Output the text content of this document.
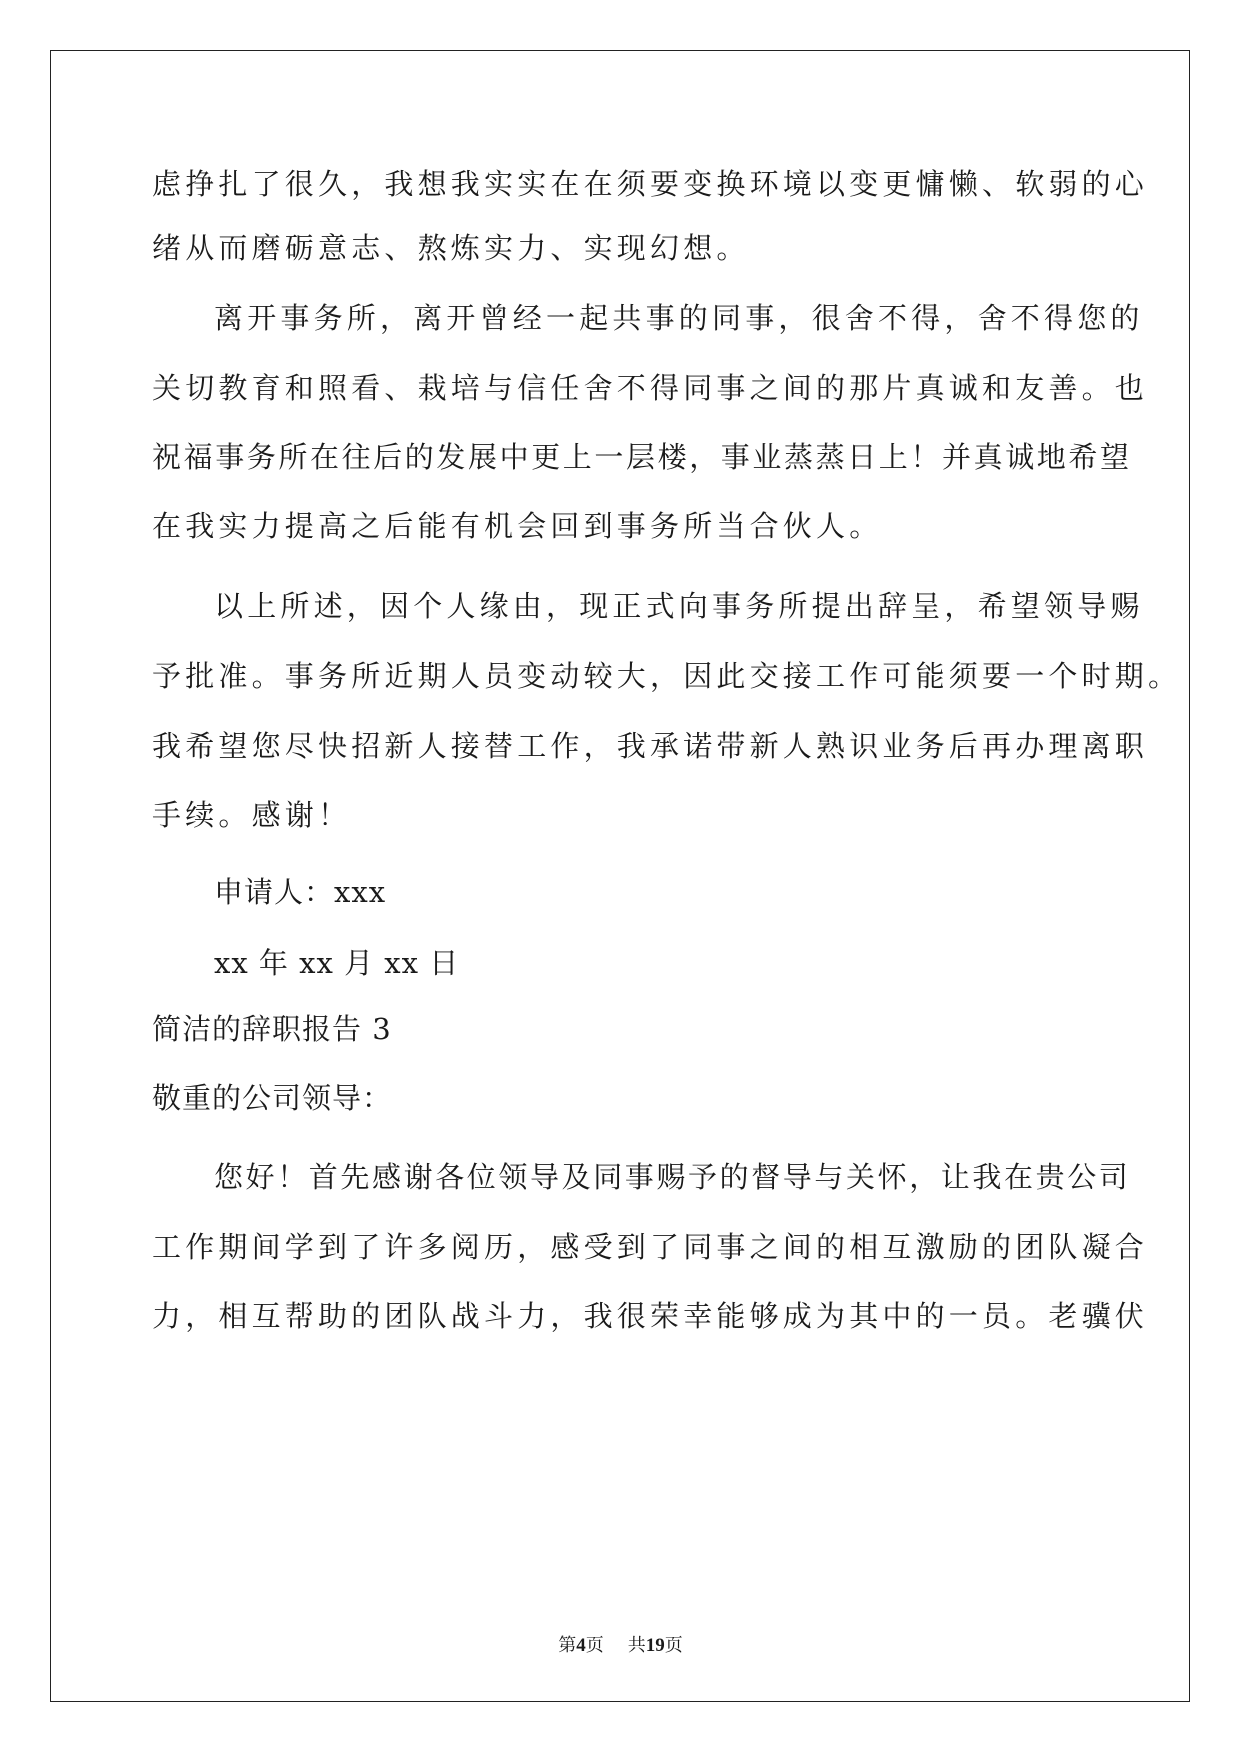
虑挣扎了很久，我想我实实在在须要变换环境以变更慵懒、软弱的心
绪从而磨砺意志、熬炼实力、实现幻想。
离开事务所，离开曾经一起共事的同事，很舍不得，舍不得您的
关切教育和照看、栽培与信任舍不得同事之间的那片真诚和友善。也
祝福事务所在往后的发展中更上一层楼，事业蒸蒸日上！并真诚地希望
在我实力提高之后能有机会回到事务所当合伙人。
以上所述，因个人缘由，现正式向事务所提出辞呈，希望领导赐
予批准。事务所近期人员变动较大，因此交接工作可能须要一个时期。
我希望您尽快招新人接替工作，我承诺带新人熟识业务后再办理离职
手续。感谢！
申请人：xxx
xx 年 xx 月 xx 日
简洁的辞职报告 3
敬重的公司领导：
您好！首先感谢各位领导及同事赐予的督导与关怀，让我在贵公司
工作期间学到了许多阅历，感受到了同事之间的相互激励的团队凝合
力，相互帮助的团队战斗力，我很荣幸能够成为其中的一员。老骥伏
第4页 共19页
